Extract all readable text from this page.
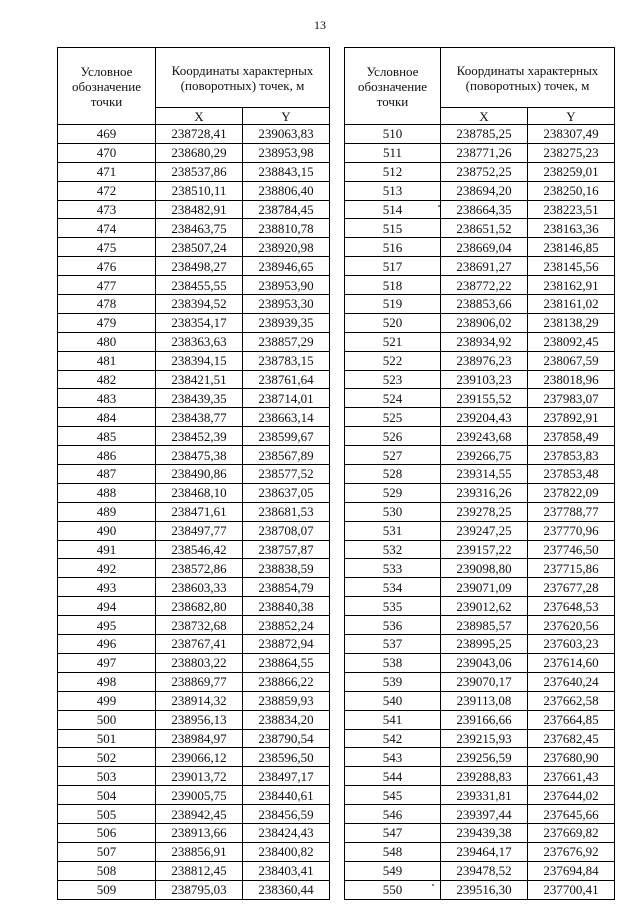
13
Условное обозначение точки	Координаты характерных (поворотных) точек, м	
	X	Y
469	238728,41	239063,83
470	238680,29	238953,98
471	238537,86	238843,15
472	238510,11	238806,40
473	238482,91	238784,45
474	238463,75	238810,78
475	238507,24	238920,98
476	238498,27	238946,65
477	238455,55	238953,90
478	238394,52	238953,30
479	238354,17	238939,35
480	238363,63	238857,29
481	238394,15	238783,15
482	238421,51	238761,64
483	238439,35	238714,01
484	238438,77	238663,14
485	238452,39	238599,67
486	238475,38	238567,89
487	238490,86	238577,52
488	238468,10	238637,05
489	238471,61	238681,53
490	238497,77	238708,07
491	238546,42	238757,87
492	238572,86	238838,59
493	238603,33	238854,79
494	238682,80	238840,38
495	238732,68	238852,24
496	238767,41	238872,94
497	238803,22	238864,55
498	238869,77	238866,22
499	238914,32	238859,93
500	238956,13	238834,20
501	238984,97	238790,54
502	239066,12	238596,50
503	239013,72	238497,17
504	239005,75	238440,61
505	238942,45	238456,59
506	238913,66	238424,43
507	238856,91	238400,82
508	238812,45	238403,41
509	238795,03	238360,44
Условное обозначение точки	Координаты характерных (поворотных) точек, м	
	X	Y
510	238785,25	238307,49
511	238771,26	238275,23
512	238752,25	238259,01
513	238694,20	238250,16
514	238664,35	238223,51
515	238651,52	238163,36
516	238669,04	238146,85
517	238691,27	238145,56
518	238772,22	238162,91
519	238853,66	238161,02
520	238906,02	238138,29
521	238934,92	238092,45
522	238976,23	238067,59
523	239103,23	238018,96
524	239155,52	237983,07
525	239204,43	237892,91
526	239243,68	237858,49
527	239266,75	237853,83
528	239314,55	237853,48
529	239316,26	237822,09
530	239278,25	237788,77
531	239247,25	237770,96
532	239157,22	237746,50
533	239098,80	237715,86
534	239071,09	237677,28
535	239012,62	237648,53
536	238985,57	237620,56
537	238995,25	237603,23
538	239043,06	237614,60
539	239070,17	237640,24
540	239113,08	237662,58
541	239166,66	237664,85
542	239215,93	237682,45
543	239256,59	237680,90
544	239288,83	237661,43
545	239331,81	237644,02
546	239397,44	237645,66
547	239439,38	237669,82
548	239464,17	237676,92
549	239478,52	237694,84
550	239516,30	237700,41
